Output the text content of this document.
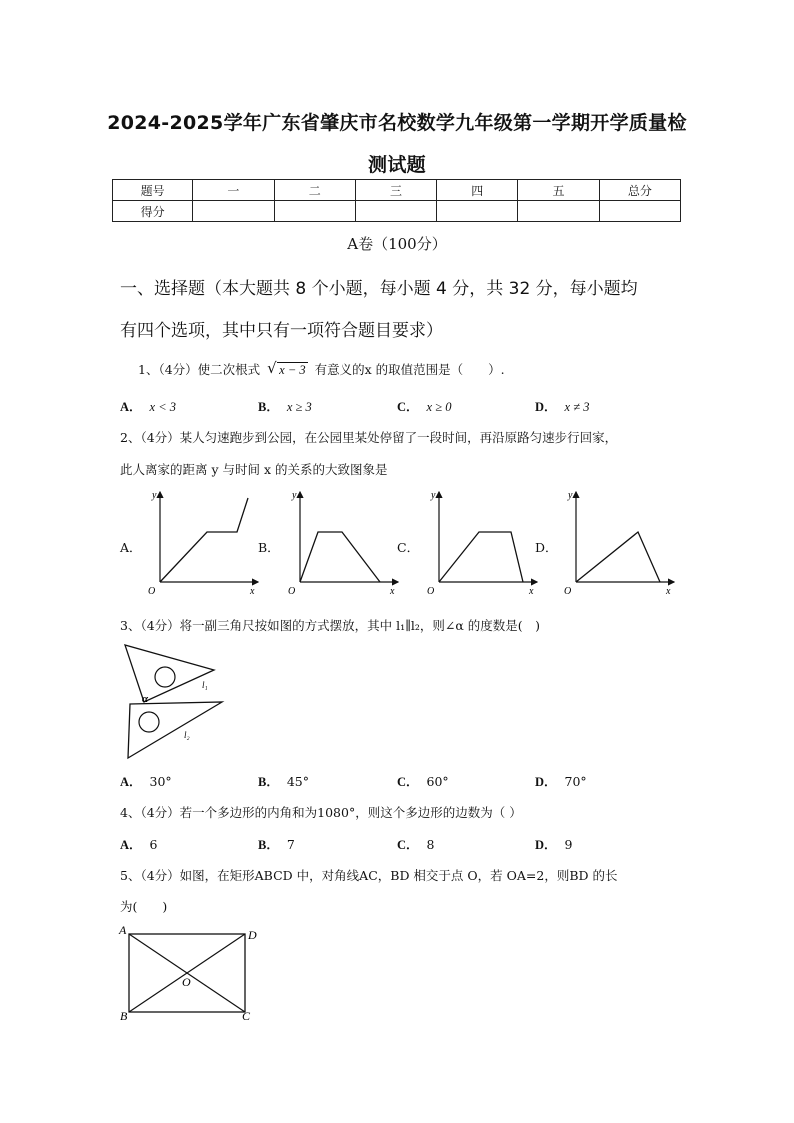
2024-2025学年广东省肇庆市名校数学九年级第一学期开学质量检
测试题
题号	一	二	三	四	五	总分
得分						
A卷（100分）
一、选择题（本大题共 8 个小题，每小题 4 分，共 32 分，每小题均
有四个选项，其中只有一项符合题目要求）
1、（4分）使二次根式 √ x − 3 有意义的x 的取值范围是（　　）.
A． x < 3	B． x ≥ 3	C． x ≥ 0	D． x ≠ 3
2、（4分）某人匀速跑步到公园，在公园里某处停留了一段时间，再沿原路匀速步行回家，
此人离家的距离 y 与时间 x 的关系的大致图象是
A．	B．	C．	D．
y
x
O
y
x
O
y
x
O
y
x
O
3、（4分）将一副三角尺按如图的方式摆放，其中 l₁∥l₂，则∠α 的度数是(　)
α
l₁
l₂
A． 30°	B． 45°	C． 60°	D． 70°
4、（4分）若一个多边形的内角和为1080°，则这个多边形的边数为（ ）
A． 6	B． 7	C． 8	D． 9
5、（4分）如图，在矩形ABCD 中，对角线AC，BD 相交于点 O，若 OA=2，则BD 的长
为(　　)
A	D
B	C
O
